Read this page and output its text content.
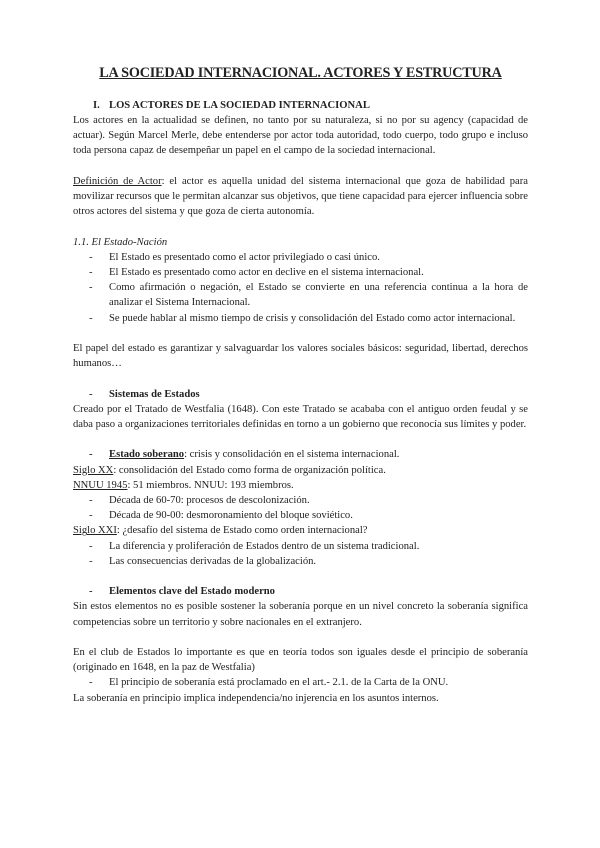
LA SOCIEDAD INTERNACIONAL. ACTORES Y ESTRUCTURA
I. LOS ACTORES DE LA SOCIEDAD INTERNACIONAL

Los actores en la actualidad se definen, no tanto por su naturaleza, si no por su agency (capacidad de actuar). Según Marcel Merle, debe entenderse por actor toda autoridad, todo cuerpo, todo grupo e incluso toda persona capaz de desempeñar un papel en el campo de la sociedad internacional.

Definición de Actor: el actor es aquella unidad del sistema internacional que goza de habilidad para movilizar recursos que le permitan alcanzar sus objetivos, que tiene capacidad para ejercer influencia sobre otros actores del sistema y que goza de cierta autonomía.

1.1. El Estado-Nación

- El Estado es presentado como el actor privilegiado o casi único.
- El Estado es presentado como actor en declive en el sistema internacional.
- Como afirmación o negación, el Estado se convierte en una referencia continua a la hora de analizar el Sistema Internacional.
- Se puede hablar al mismo tiempo de crisis y consolidación del Estado como actor internacional.

El papel del estado es garantizar y salvaguardar los valores sociales básicos: seguridad, libertad, derechos humanos…

- Sistemas de Estados

Creado por el Tratado de Westfalia (1648). Con este Tratado se acababa con el antiguo orden feudal y se daba paso a organizaciones territoriales definidas en torno a un gobierno que reconocía sus límites y poder.

- Estado soberano: crisis y consolidación en el sistema internacional.

Siglo XX: consolidación del Estado como forma de organización política.

NNUU 1945: 51 miembros. NNUU: 193 miembros.

- Década de 60-70: procesos de descolonización.
- Década de 90-00: desmoronamiento del bloque soviético.

Siglo XXI: ¿desafío del sistema de Estado como orden internacional?

- La diferencia y proliferación de Estados dentro de un sistema tradicional.
- Las consecuencias derivadas de la globalización.
- Elementos clave del Estado moderno

Sin estos elementos no es posible sostener la soberanía porque en un nivel concreto la soberanía significa competencias sobre un territorio y sobre nacionales en el extranjero.

En el club de Estados lo importante es que en teoría todos son iguales desde el principio de soberanía (originado en 1648, en la paz de Westfalia)

- El principio de soberanía está proclamado en el art.- 2.1. de la Carta de la ONU.

La soberanía en principio implica independencia/no injerencia en los asuntos internos.
